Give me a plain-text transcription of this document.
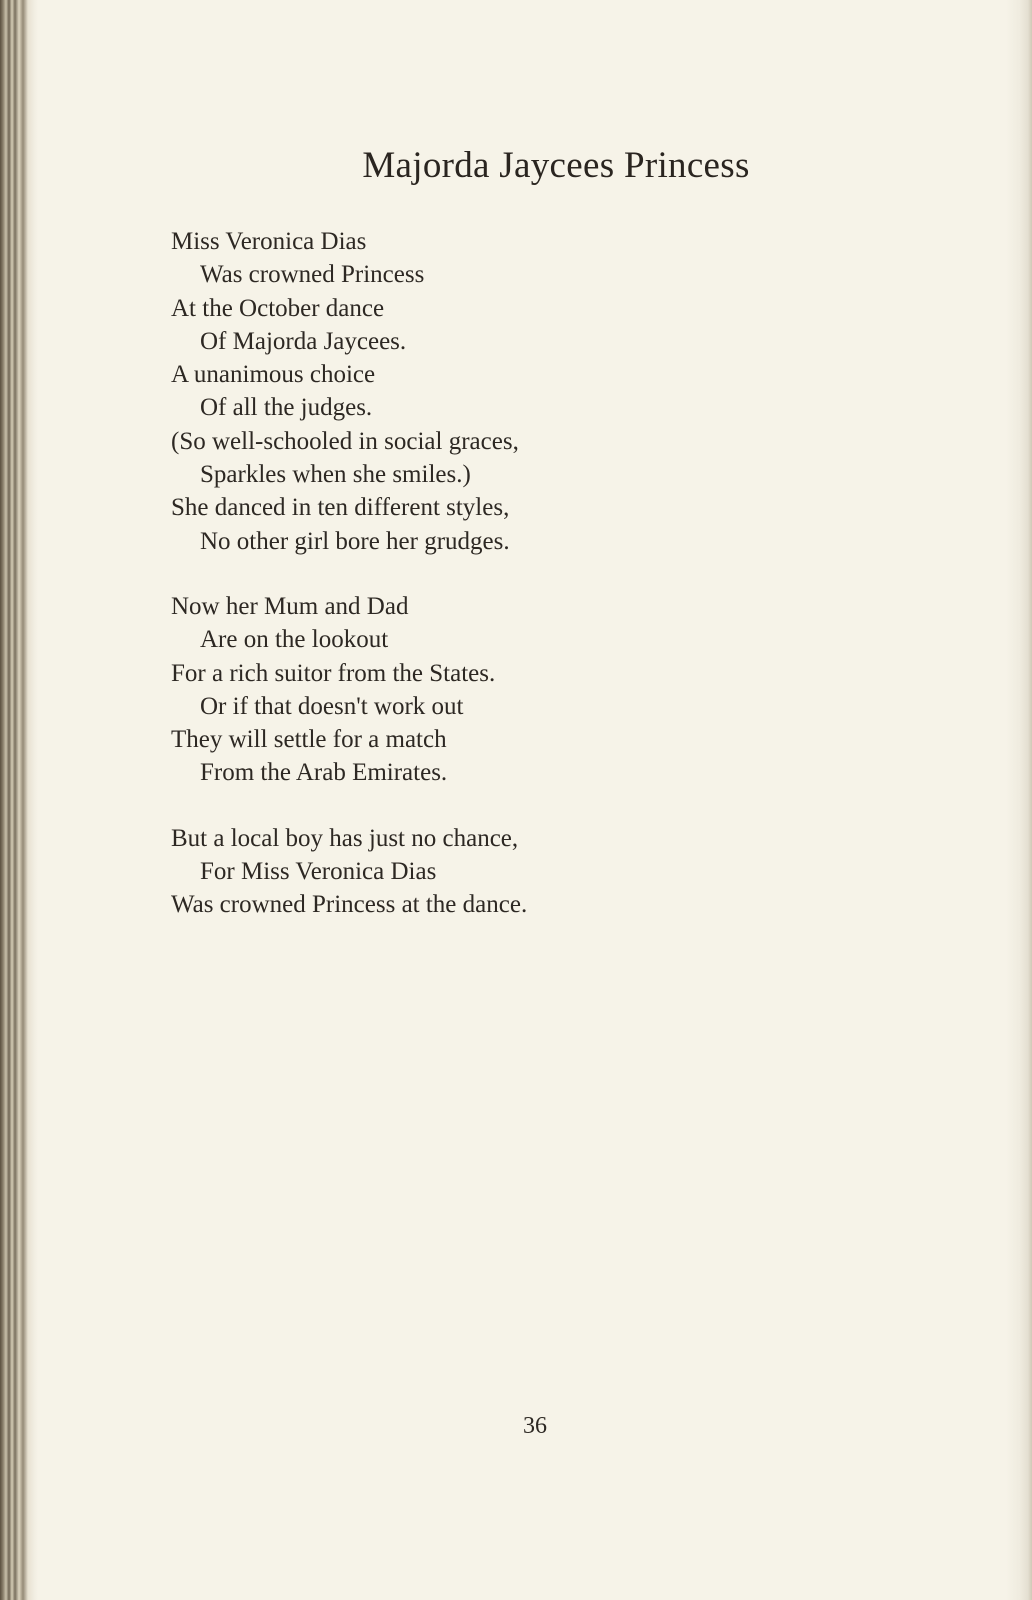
Majorda Jaycees Princess
Miss Veronica Dias
Was crowned Princess
At the October dance
Of Majorda Jaycees.
A unanimous choice
Of all the judges.
(So well-schooled in social graces,
Sparkles when she smiles.)
She danced in ten different styles,
No other girl bore her grudges.
Now her Mum and Dad
Are on the lookout
For a rich suitor from the States.
Or if that doesn't work out
They will settle for a match
From the Arab Emirates.
But a local boy has just no chance,
For Miss Veronica Dias
Was crowned Princess at the dance.
36
